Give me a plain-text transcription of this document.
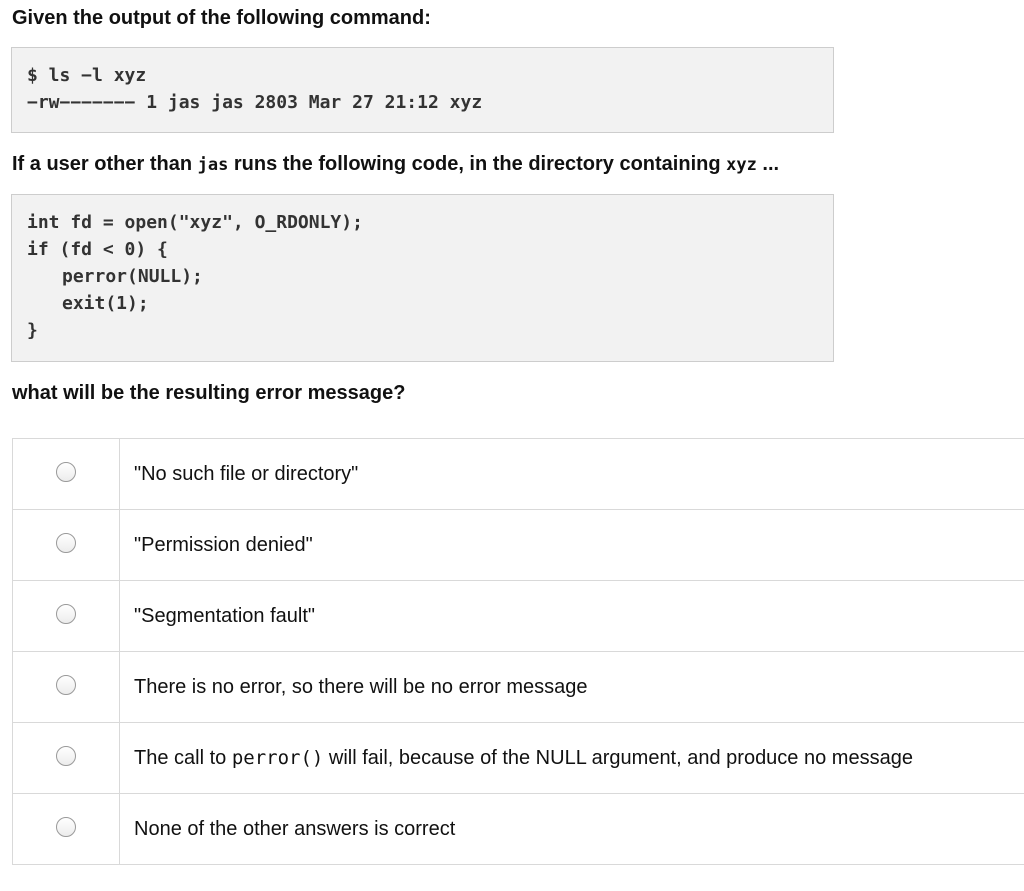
Given the output of the following command:
$ ls −l xyz
−rw−−−−−−− 1 jas jas 2803 Mar 27 21:12 xyz
If a user other than jas runs the following code, in the directory containing xyz ...
int fd = open("xyz", O_RDONLY);
if (fd < 0) {
perror(NULL);
exit(1);
}
what will be the resulting error message?
	"No such file or directory"
	"Permission denied"
	"Segmentation fault"
	There is no error, so there will be no error message
	The call to perror() will fail, because of the NULL argument, and produce no message
	None of the other answers is correct
